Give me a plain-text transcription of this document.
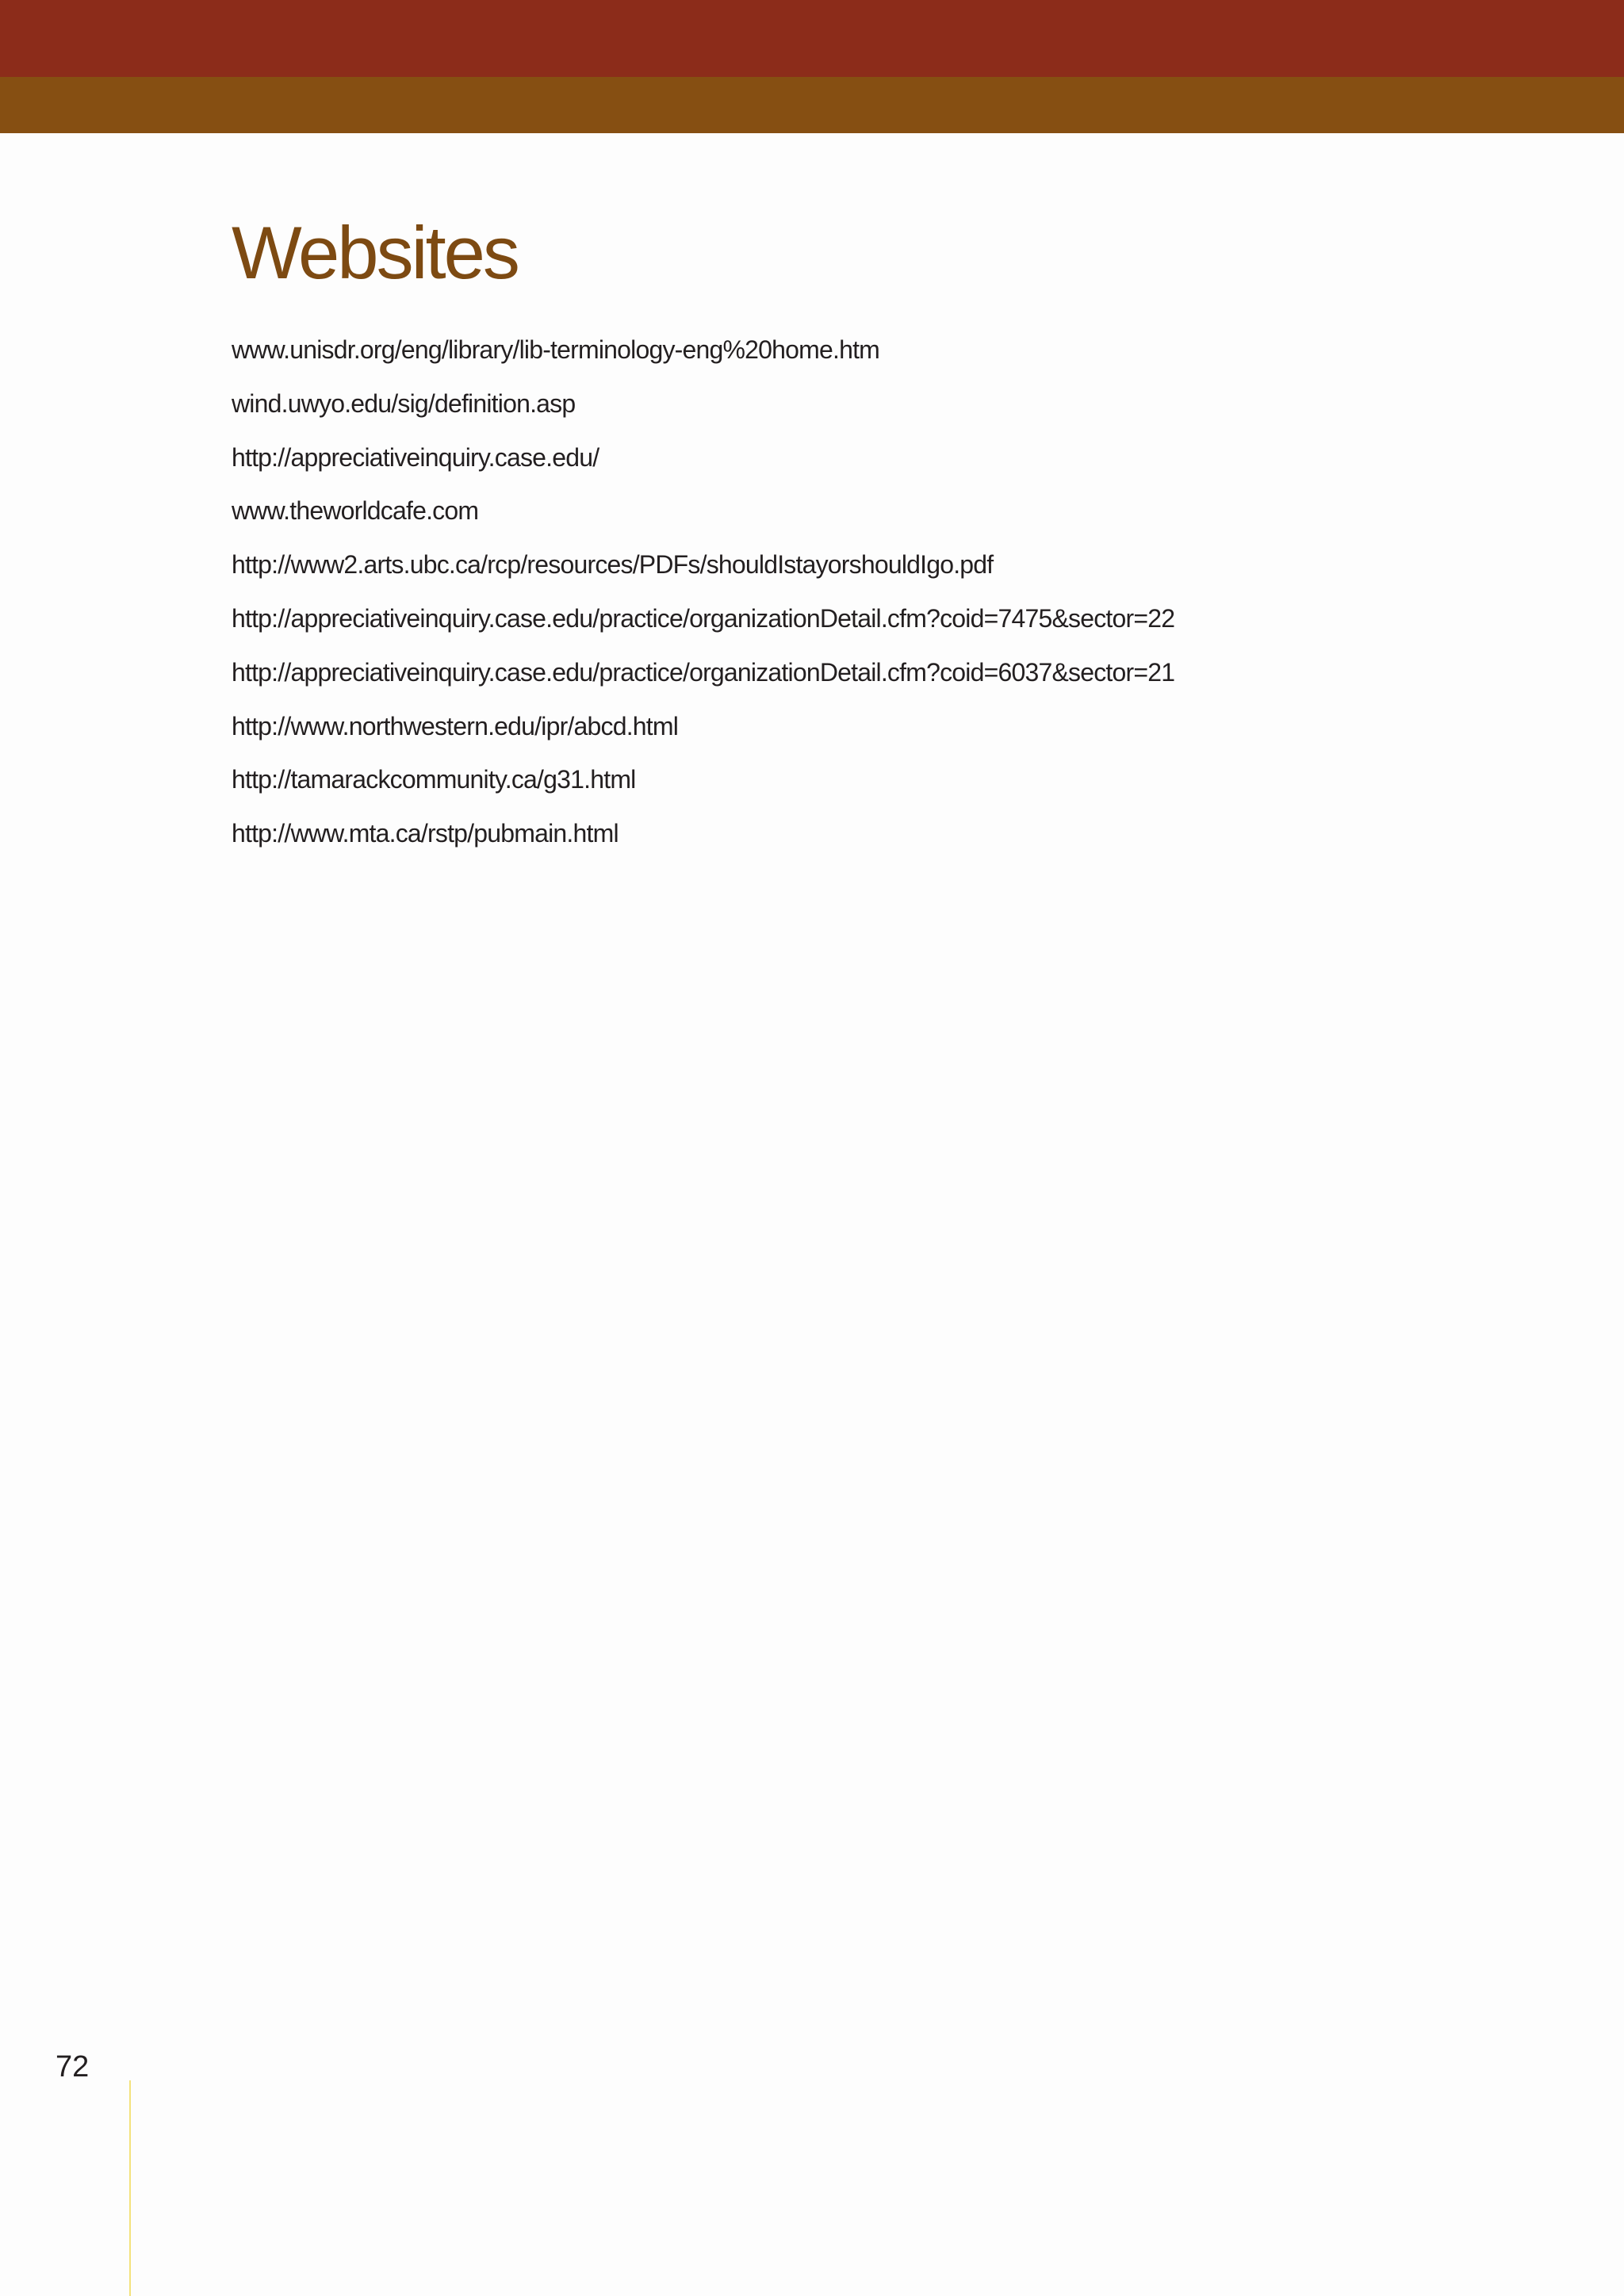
Websites
www.unisdr.org/eng/library/lib-terminology-eng%20home.htm
wind.uwyo.edu/sig/definition.asp
http://appreciativeinquiry.case.edu/
www.theworldcafe.com
http://www2.arts.ubc.ca/rcp/resources/PDFs/shouldIstayorshouldIgo.pdf
http://appreciativeinquiry.case.edu/practice/organizationDetail.cfm?coid=7475&sector=22
http://appreciativeinquiry.case.edu/practice/organizationDetail.cfm?coid=6037&sector=21
http://www.northwestern.edu/ipr/abcd.html
http://tamarackcommunity.ca/g31.html
http://www.mta.ca/rstp/pubmain.html
72
